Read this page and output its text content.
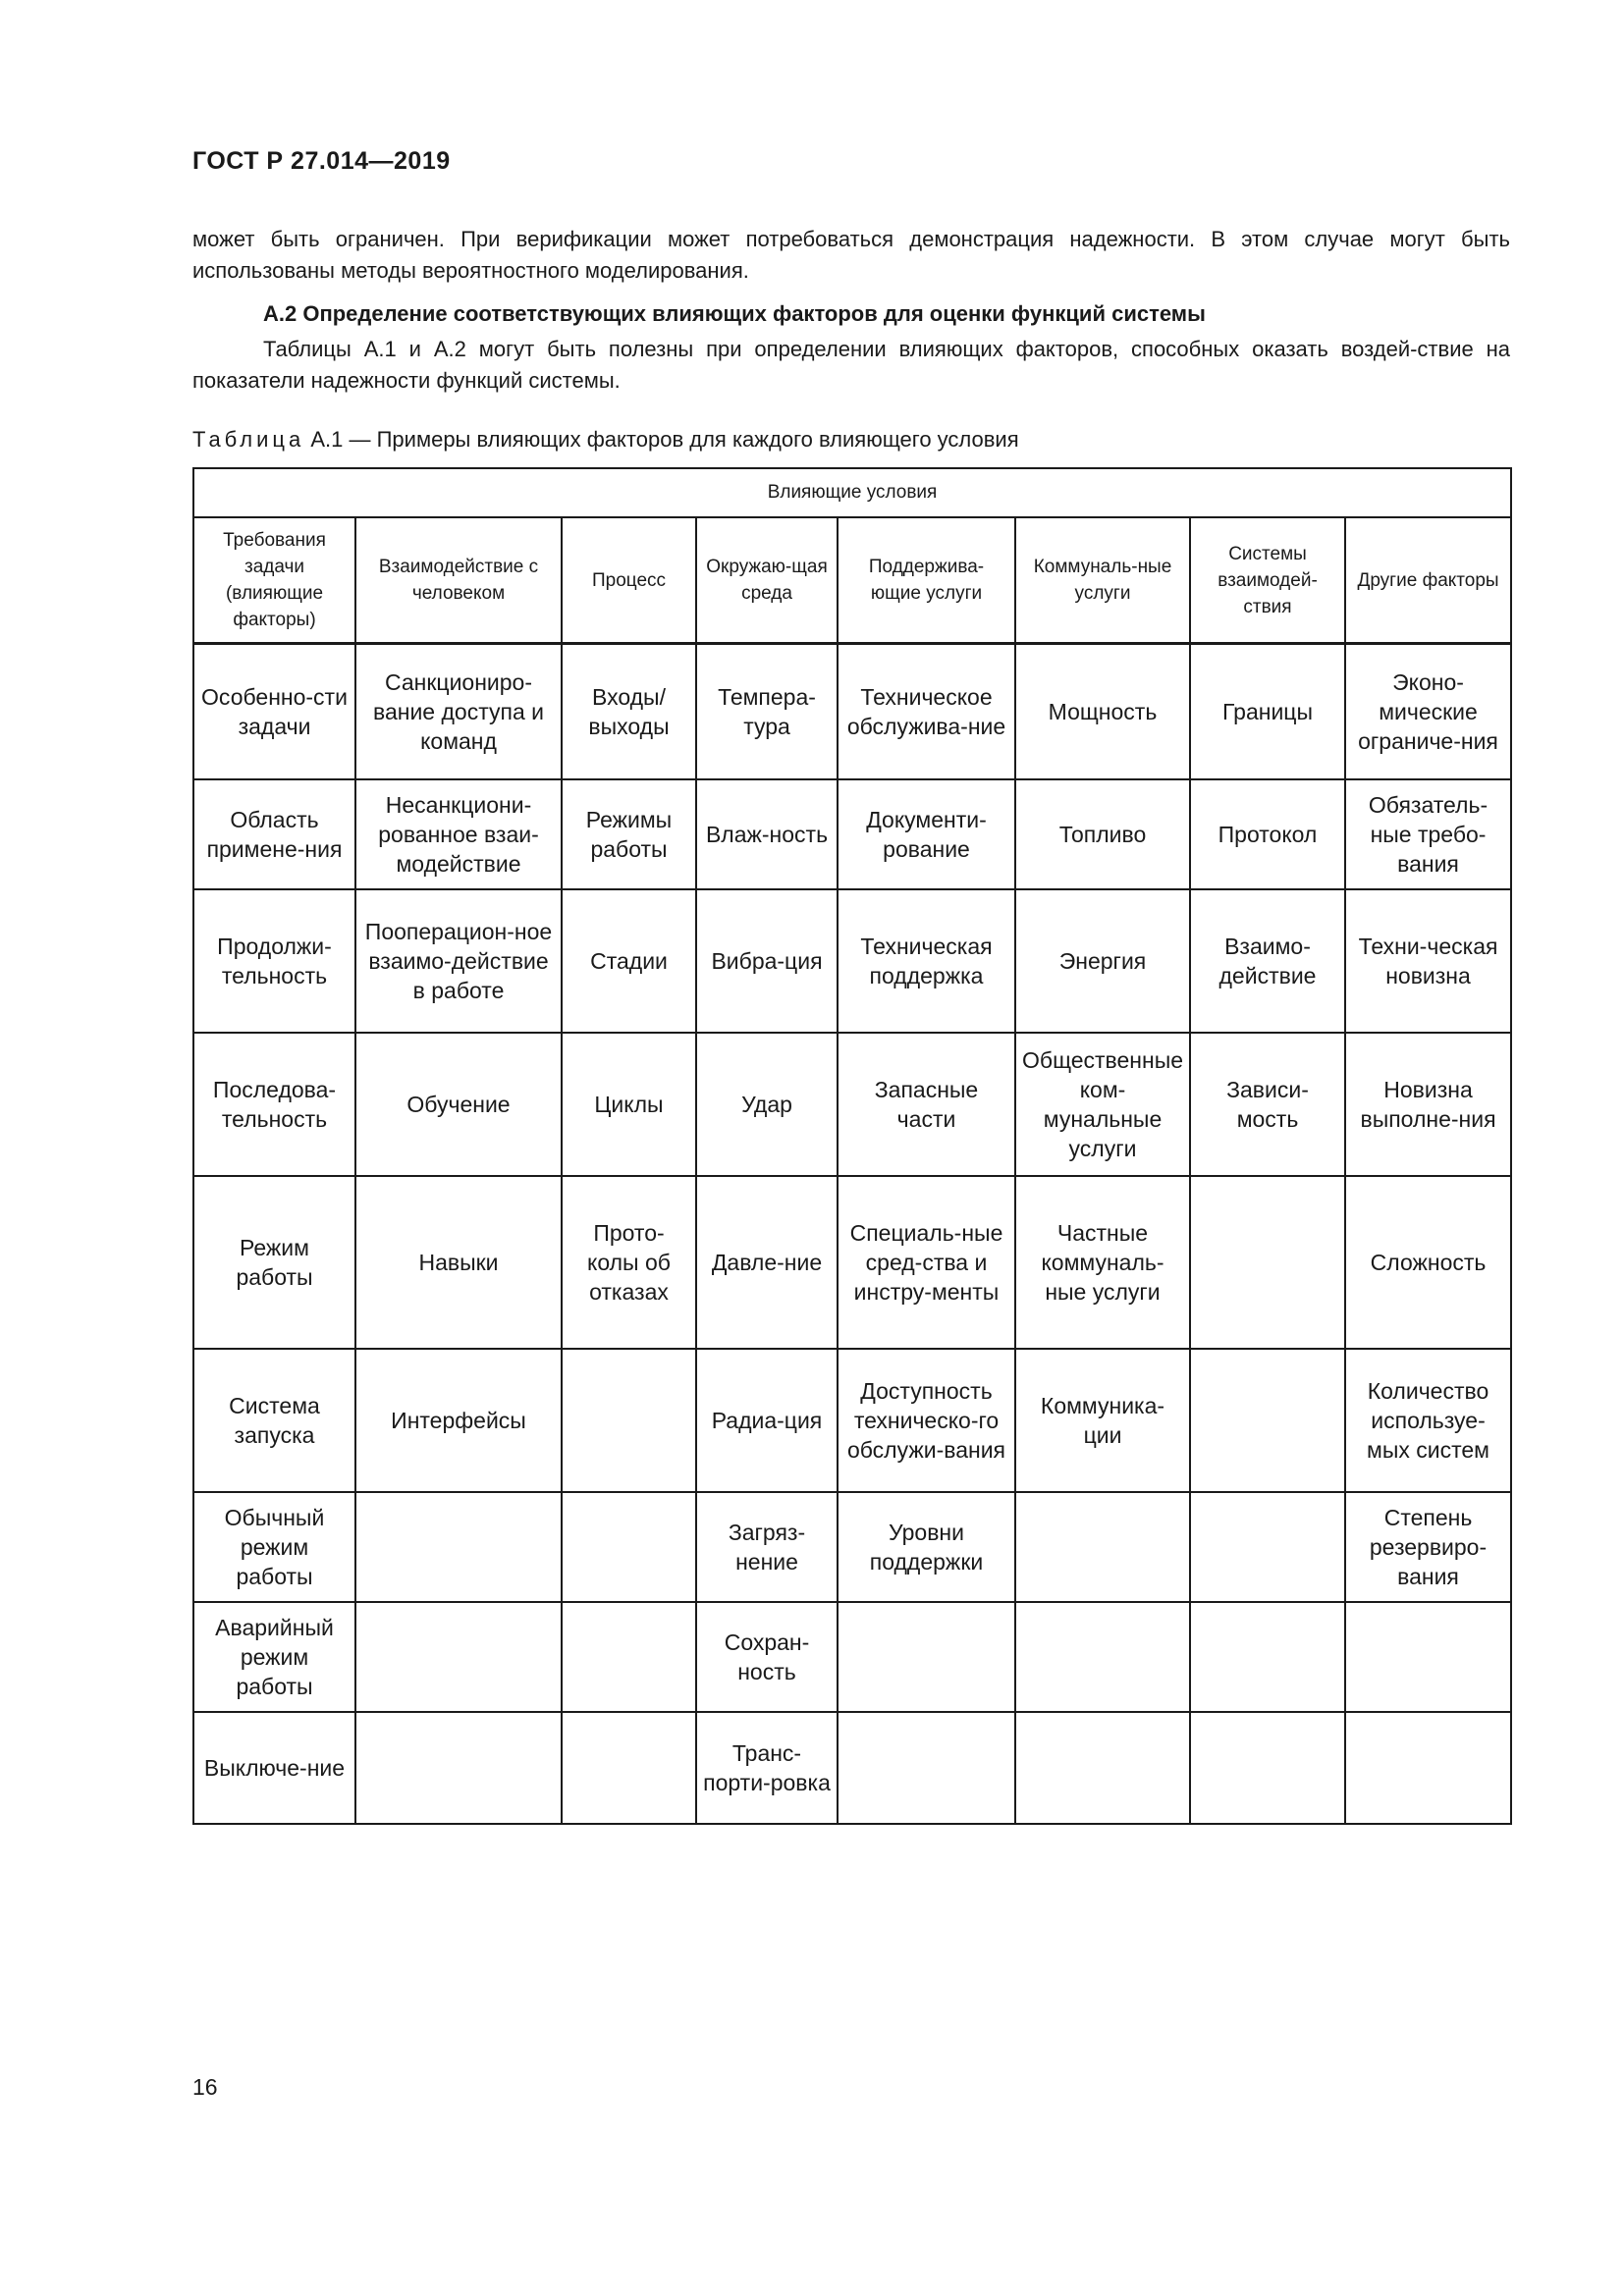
ГОСТ Р 27.014—2019
может быть ограничен. При верификации может потребоваться демонстрация надежности. В этом случае могут быть использованы методы вероятностного моделирования.
А.2 Определение соответствующих влияющих факторов для оценки функций системы
Таблицы А.1 и А.2 могут быть полезны при определении влияющих факторов, способных оказать воздей-ствие на показатели надежности функций системы.
Таблица А.1 — Примеры влияющих факторов для каждого влияющего условия
Влияющие условия							
Требования задачи (влияющие факторы)	Взаимодействие с человеком	Процесс	Окружаю-щая среда	Поддержива-ющие услуги	Коммуналь-ные услуги	Системы взаимодей-ствия	Другие факторы
Особенно-сти задачи	Санкциониро-вание доступа и команд	Входы/ выходы	Темпера-тура	Техническое обслужива-ние	Мощность	Границы	Эконо-мические ограниче-ния
Область примене-ния	Несанкциони-рованное взаи-модействие	Режимы работы	Влаж-ность	Документи-рование	Топливо	Протокол	Обязатель-ные требо-вания
Продолжи-тельность	Пооперацион-ное взаимо-действие в работе	Стадии	Вибра-ция	Техническая поддержка	Энергия	Взаимо-действие	Техни-ческая новизна
Последова-тельность	Обучение	Циклы	Удар	Запасные части	Общественные ком-мунальные услуги	Зависи-мость	Новизна выполне-ния
Режим работы	Навыки	Прото-колы об отказах	Давле-ние	Специаль-ные сред-ства и инстру-менты	Частные коммуналь-ные услуги		Сложность
Система запуска	Интерфейсы		Радиа-ция	Доступность техническо-го обслужи-вания	Коммуника-ции		Количество используе-мых систем
Обычный режим работы			Загряз-нение	Уровни поддержки			Степень резервиро-вания
Аварийный режим работы			Сохран-ность				
Выключе-ние			Транс-порти-ровка				
16
